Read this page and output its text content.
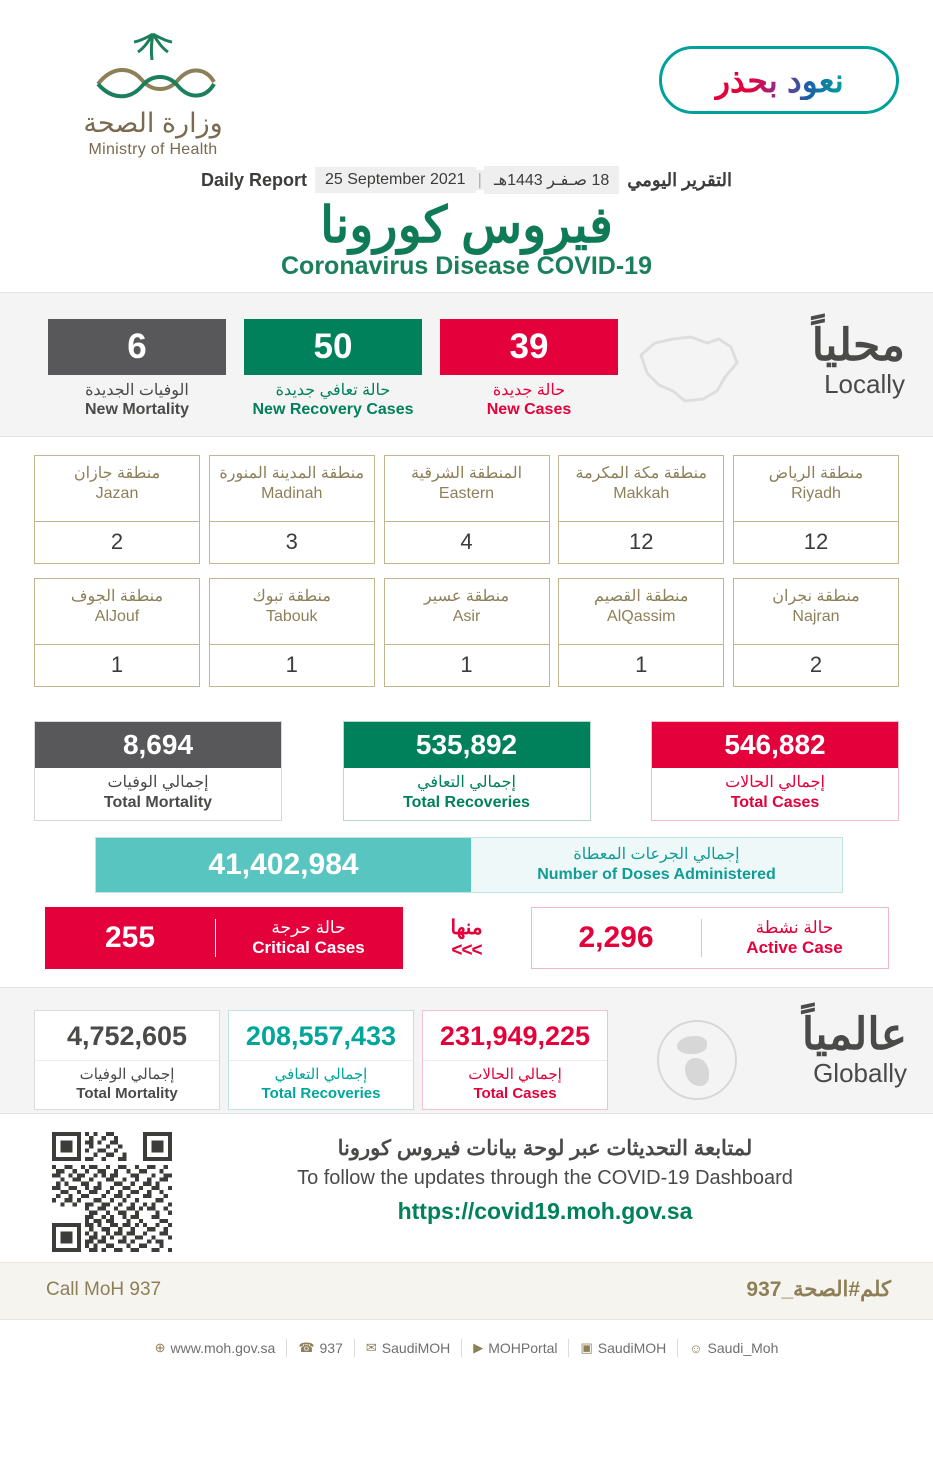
وزارة الصحة
Ministry of Health
نعود بحذر
التقرير اليومي
18 صـفـر 1443هـ
|
25 September 2021
Daily Report
فيروس كورونا
Coronavirus Disease COVID-19
محلياً
Locally
6
الوفيات الجديدة
New Mortality
50
حالة تعافي جديدة
New Recovery Cases
39
حالة جديدة
New Cases
منطقة الرياض
Riyadh
12
منطقة مكة المكرمة
Makkah
12
المنطقة الشرقية
Eastern
4
منطقة المدينة المنورة
Madinah
3
منطقة جازان
Jazan
2
منطقة نجران
Najran
2
منطقة القصيم
AlQassim
1
منطقة عسير
Asir
1
منطقة تبوك
Tabouk
1
منطقة الجوف
AlJouf
1
546,882
إجمالي الحالات
Total Cases
535,892
إجمالي التعافي
Total Recoveries
8,694
إجمالي الوفيات
Total Mortality
إجمالي الجرعات المعطاة
Number of Doses Administered
41,402,984
حالة نشطة
Active Case
2,296
منها
<<<
حالة حرجة
Critical Cases
255
عالمياً
Globally
231,949,225
إجمالي الحالات
Total Cases
208,557,433
إجمالي التعافي
Total Recoveries
4,752,605
إجمالي الوفيات
Total Mortality
لمتابعة التحديثات عبر لوحة بيانات فيروس كورونا
To follow the updates through the COVID-19 Dashboard
https://covid19.moh.gov.sa
Call MoH 937	كلم#الصحة_937
⊕ www.moh.gov.sa ☎ 937 ✉ SaudiMOH ▶ MOHPortal ▣ SaudiMOH ☺ Saudi_Moh
